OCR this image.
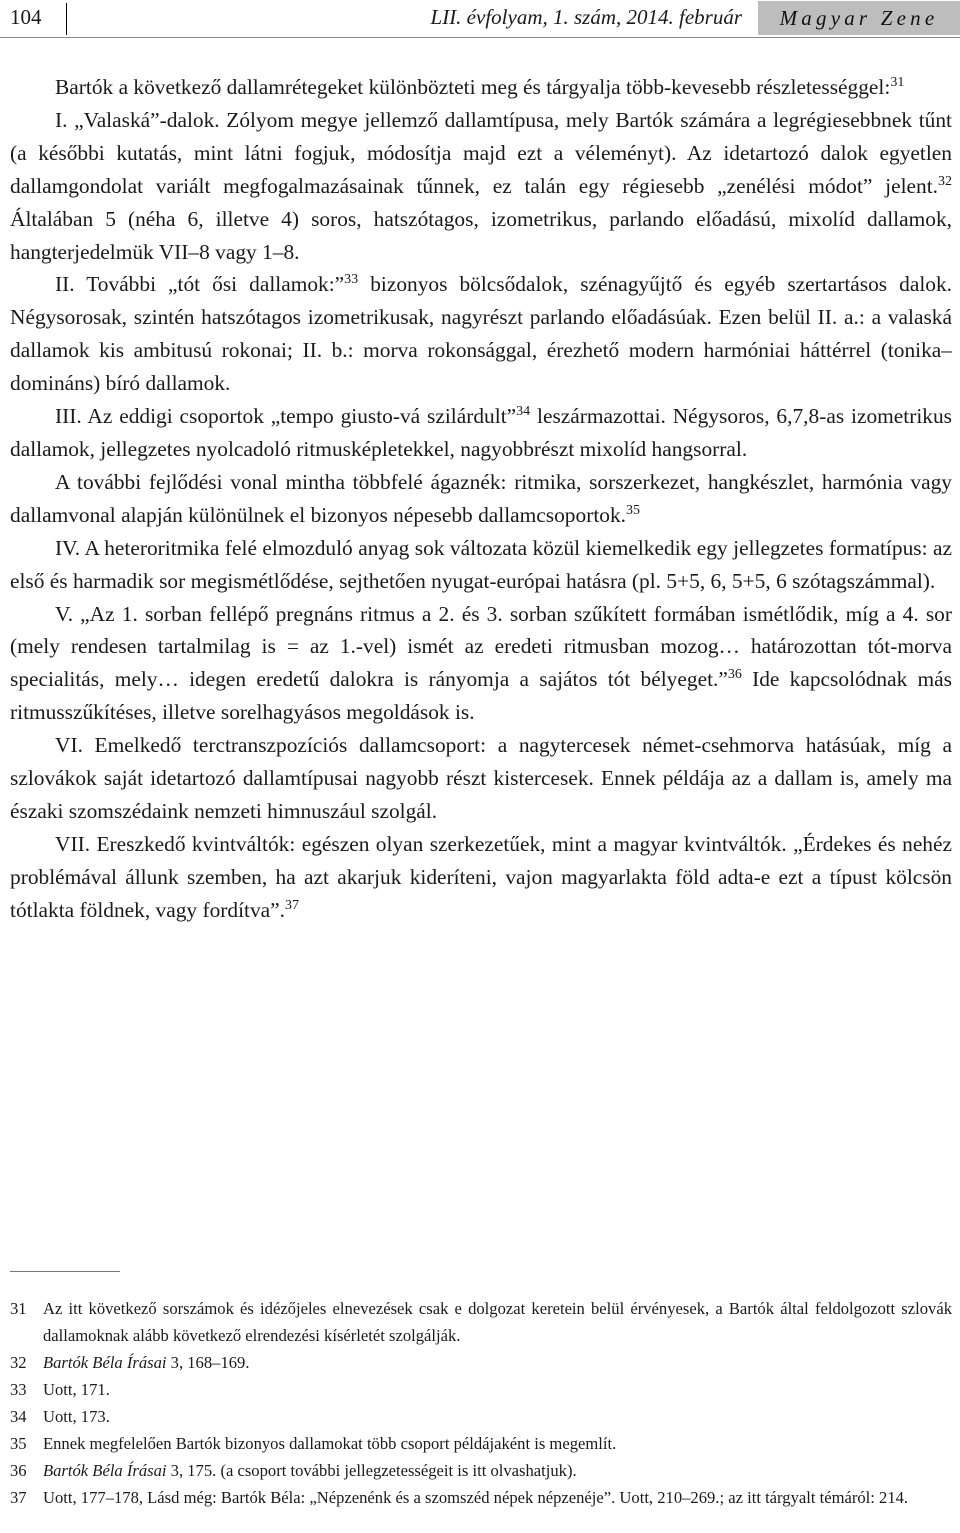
104	LII. évfolyam, 1. szám, 2014. február	Magyar Zene

Bartók a következő dallamrétegeket különbözteti meg és tárgyalja több-kevesebb részletességgel:$^{31}$

I. „Valaská”-dalok. Zólyom megye jellemző dallamtípusa, mely Bartók számára a legrégiesebbnek tűnt (a későbbi kutatás, mint látni fogjuk, módosítja majd ezt a véleményt). Az idetartozó dalok egyetlen dallamgondolat variált megfogalmazásainak tűnnek, ez talán egy régiesebb „zenélési módot” jelent.$^{32}$ Általában 5 (néha 6, illetve 4) soros, hatszótagos, izometrikus, parlando előadású, mixolíd dallamok, hangterjedelmük VII–8 vagy 1–8.

II. További „tót ősi dallamok:”$^{33}$ bizonyos bölcsődalok, szénagyűjtő és egyéb szertartásos dalok. Négysorosak, szintén hatszótagos izometrikusak, nagyrészt parlando előadásúak. Ezen belül II. a.: a valaská dallamok kis ambitusú rokonai; II. b.: morva rokonsággal, érezhető modern harmóniai háttérrel (tonika–domináns) bíró dallamok.

III. Az eddigi csoportok „tempo giusto-vá szilárdult”$^{34}$ leszármazottai. Négysoros, 6,7,8-as izometrikus dallamok, jellegzetes nyolcadoló ritmusképletekkel, nagyobbrészt mixolíd hangsorral.

A további fejlődési vonal mintha többfelé ágaznék: ritmika, sorszerkezet, hangkészlet, harmónia vagy dallamvonal alapján különülnek el bizonyos népesebb dallamcsoportok.$^{35}$

IV. A heteroritmika felé elmozduló anyag sok változata közül kiemelkedik egy jellegzetes formatípus: az első és harmadik sor megismétlődése, sejthetően nyugat-európai hatásra (pl. 5+5, 6, 5+5, 6 szótagszámmal).

V. „Az 1. sorban fellépő pregnáns ritmus a 2. és 3. sorban szűkített formában ismétlődik, míg a 4. sor (mely rendesen tartalmilag is = az 1.-vel) ismét az eredeti ritmusban mozog… határozottan tót-morva specialitás, mely… idegen eredetű dalokra is rányomja a sajátos tót bélyeget.”$^{36}$ Ide kapcsolódnak más ritmusszűkítéses, illetve sorelhagyásos megoldások is.

VI. Emelkedő terctranszpozíciós dallamcsoport: a nagytercesek német-csehmorva hatásúak, míg a szlovákok saját idetartozó dallamtípusai nagyobb részt kistercesek. Ennek példája az a dallam is, amely ma északi szomszédaink nemzeti himnuszául szolgál.

VII. Ereszkedő kvintváltók: egészen olyan szerkezetűek, mint a magyar kvintváltók. „Érdekes és nehéz problémával állunk szemben, ha azt akarjuk kideríteni, vajon magyarlakta föld adta-e ezt a típust kölcsön tótlakta földnek, vagy fordítva”.$^{37}$

31 Az itt következő sorszámok és idézőjeles elnevezések csak e dolgozat keretein belül érvényesek, a Bartók által feldolgozott szlovák dallamoknak alább következő elrendezési kísérletét szolgálják.
32 Bartók Béla Írásai 3, 168–169.
33 Uott, 171.
34 Uott, 173.
35 Ennek megfelelően Bartók bizonyos dallamokat több csoport példájaként is megemlít.
36 Bartók Béla Írásai 3, 175. (a csoport további jellegzetességeit is itt olvashatjuk).
37 Uott, 177–178, Lásd még: Bartók Béla: „Népzenénk és a szomszéd népek népzenéje”. Uott, 210–269.; az itt tárgyalt témáról: 214.
